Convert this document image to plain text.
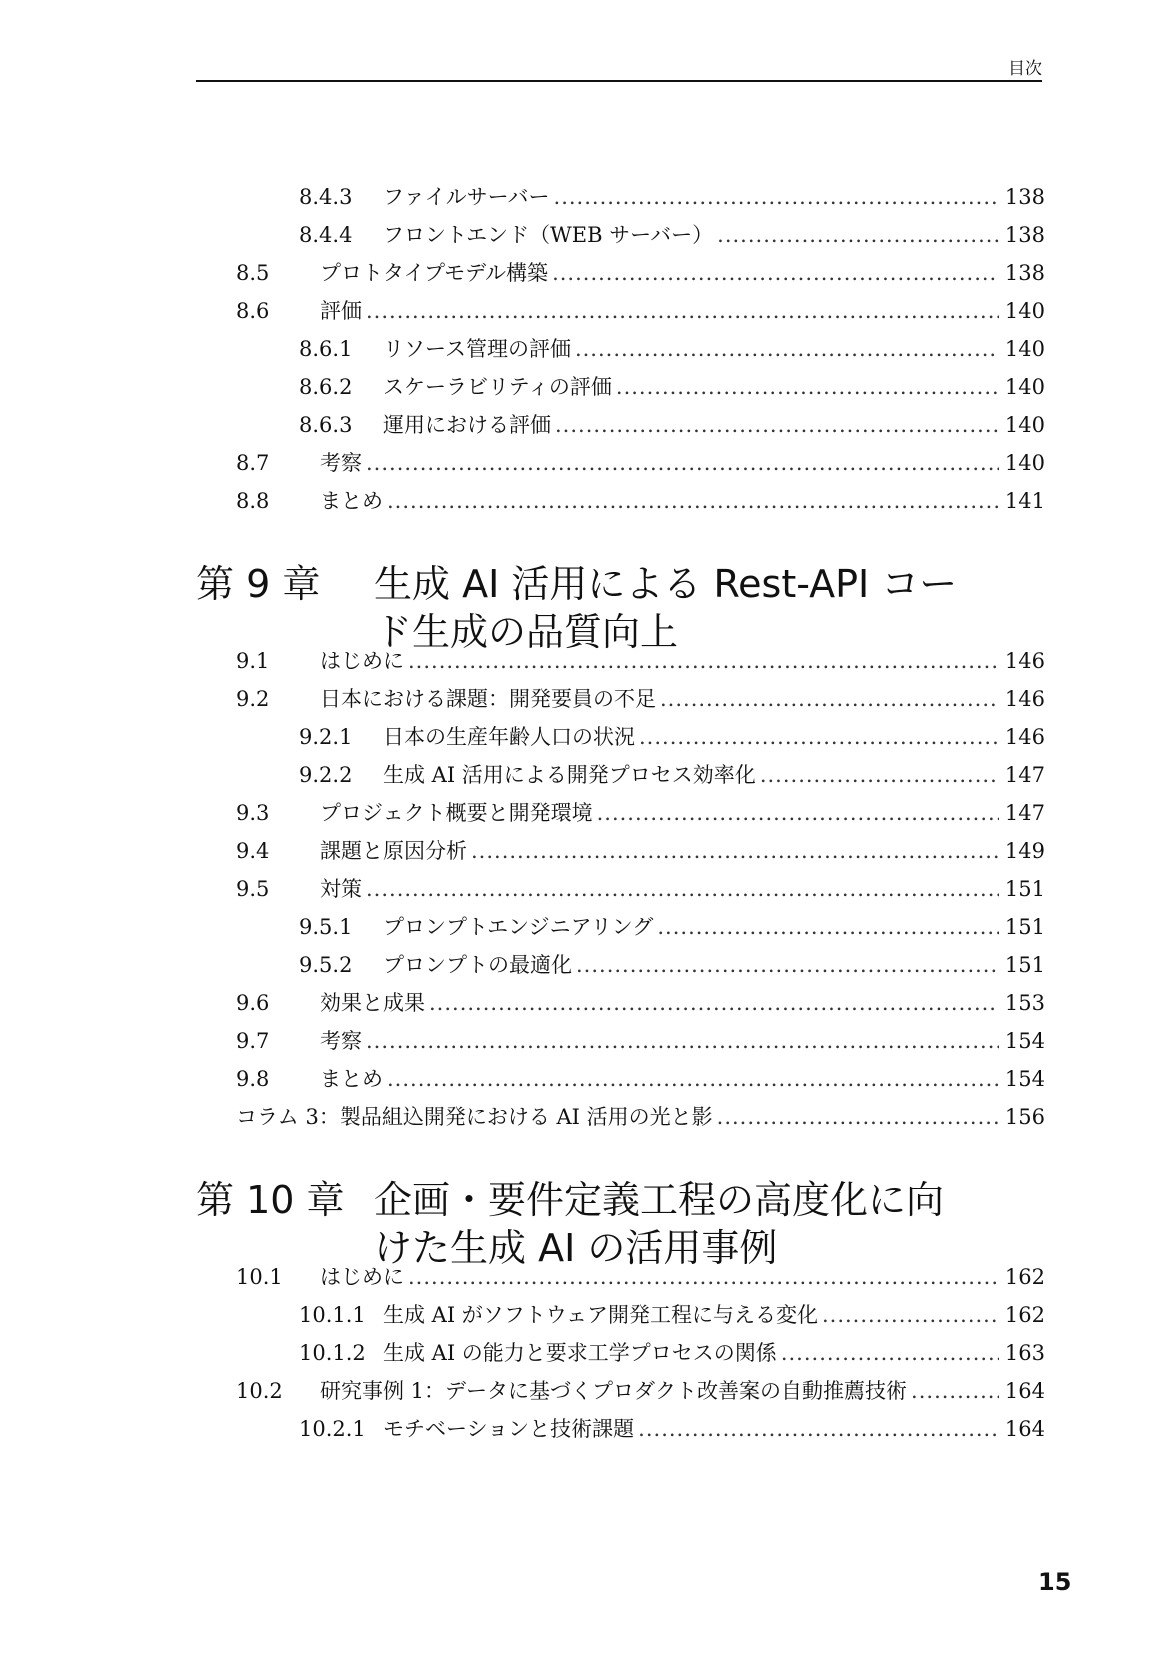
目次
8.4.3	ファイルサーバー .....	138
8.4.4	フロントエンド（WEB サーバー） .....	138
8.5	プロトタイプモデル構築 .....	138
8.6	評価 .....	140
8.6.1	リソース管理の評価 .....	140
8.6.2	スケーラビリティの評価 .....	140
8.6.3	運用における評価 .....	140
8.7	考察 .....	140
8.8	まとめ .....	141
第 9 章 生成 AI 活用による Rest-API コード生成の品質向上
9.1	はじめに .....	146
9.2	日本における課題：開発要員の不足 .....	146
9.2.1	日本の生産年齢人口の状況 .....	146
9.2.2	生成 AI 活用による開発プロセス効率化 .....	147
9.3	プロジェクト概要と開発環境 .....	147
9.4	課題と原因分析 .....	149
9.5	対策 .....	151
9.5.1	プロンプトエンジニアリング .....	151
9.5.2	プロンプトの最適化 .....	151
9.6	効果と成果 .....	153
9.7	考察 .....	154
9.8	まとめ .....	154
コラム 3：製品組込開発における AI 活用の光と影 .....	156
第 10 章 企画・要件定義工程の高度化に向けた生成 AI の活用事例
10.1	はじめに .....	162
10.1.1 生成 AI がソフトウェア開発工程に与える変化 .....	162
10.1.2 生成 AI の能力と要求工学プロセスの関係 .....	163
10.2	研究事例 1：データに基づくプロダクト改善案の自動推薦技術 .....	164
10.2.1 モチベーションと技術課題 .....	164
15
